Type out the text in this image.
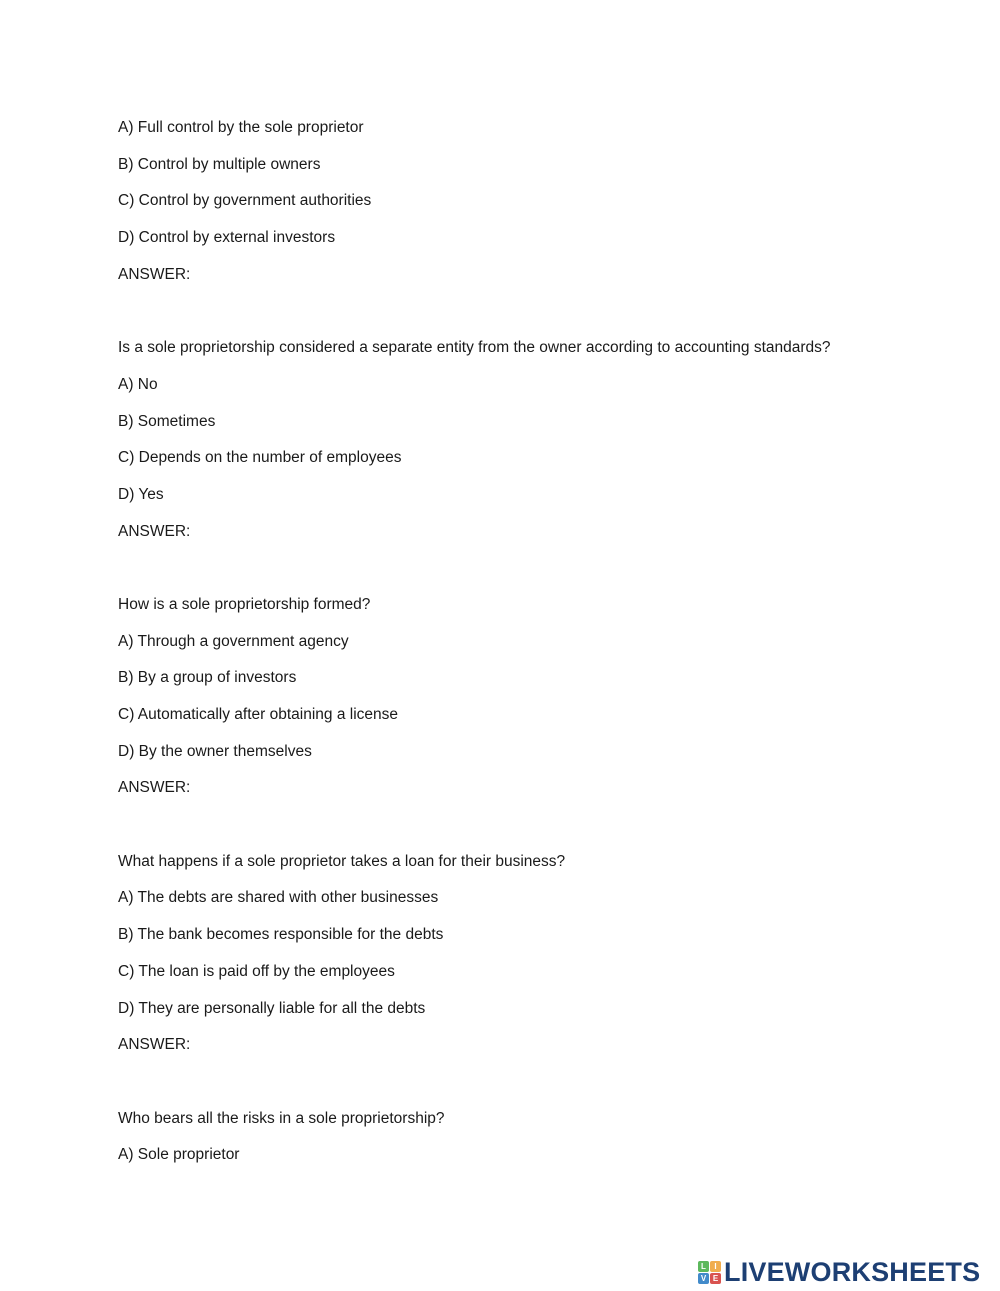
A) Full control by the sole proprietor
B) Control by multiple owners
C) Control by government authorities
D) Control by external investors
ANSWER:
Is a sole proprietorship considered a separate entity from the owner according to accounting standards?
A) No
B) Sometimes
C) Depends on the number of employees
D) Yes
ANSWER:
How is a sole proprietorship formed?
A) Through a government agency
B) By a group of investors
C) Automatically after obtaining a license
D) By the owner themselves
ANSWER:
What happens if a sole proprietor takes a loan for their business?
A) The debts are shared with other businesses
B) The bank becomes responsible for the debts
C) The loan is paid off by the employees
D) They are personally liable for all the debts
ANSWER:
Who bears all the risks in a sole proprietorship?
A) Sole proprietor
L	I
V E LIVEWORKSHEETS
